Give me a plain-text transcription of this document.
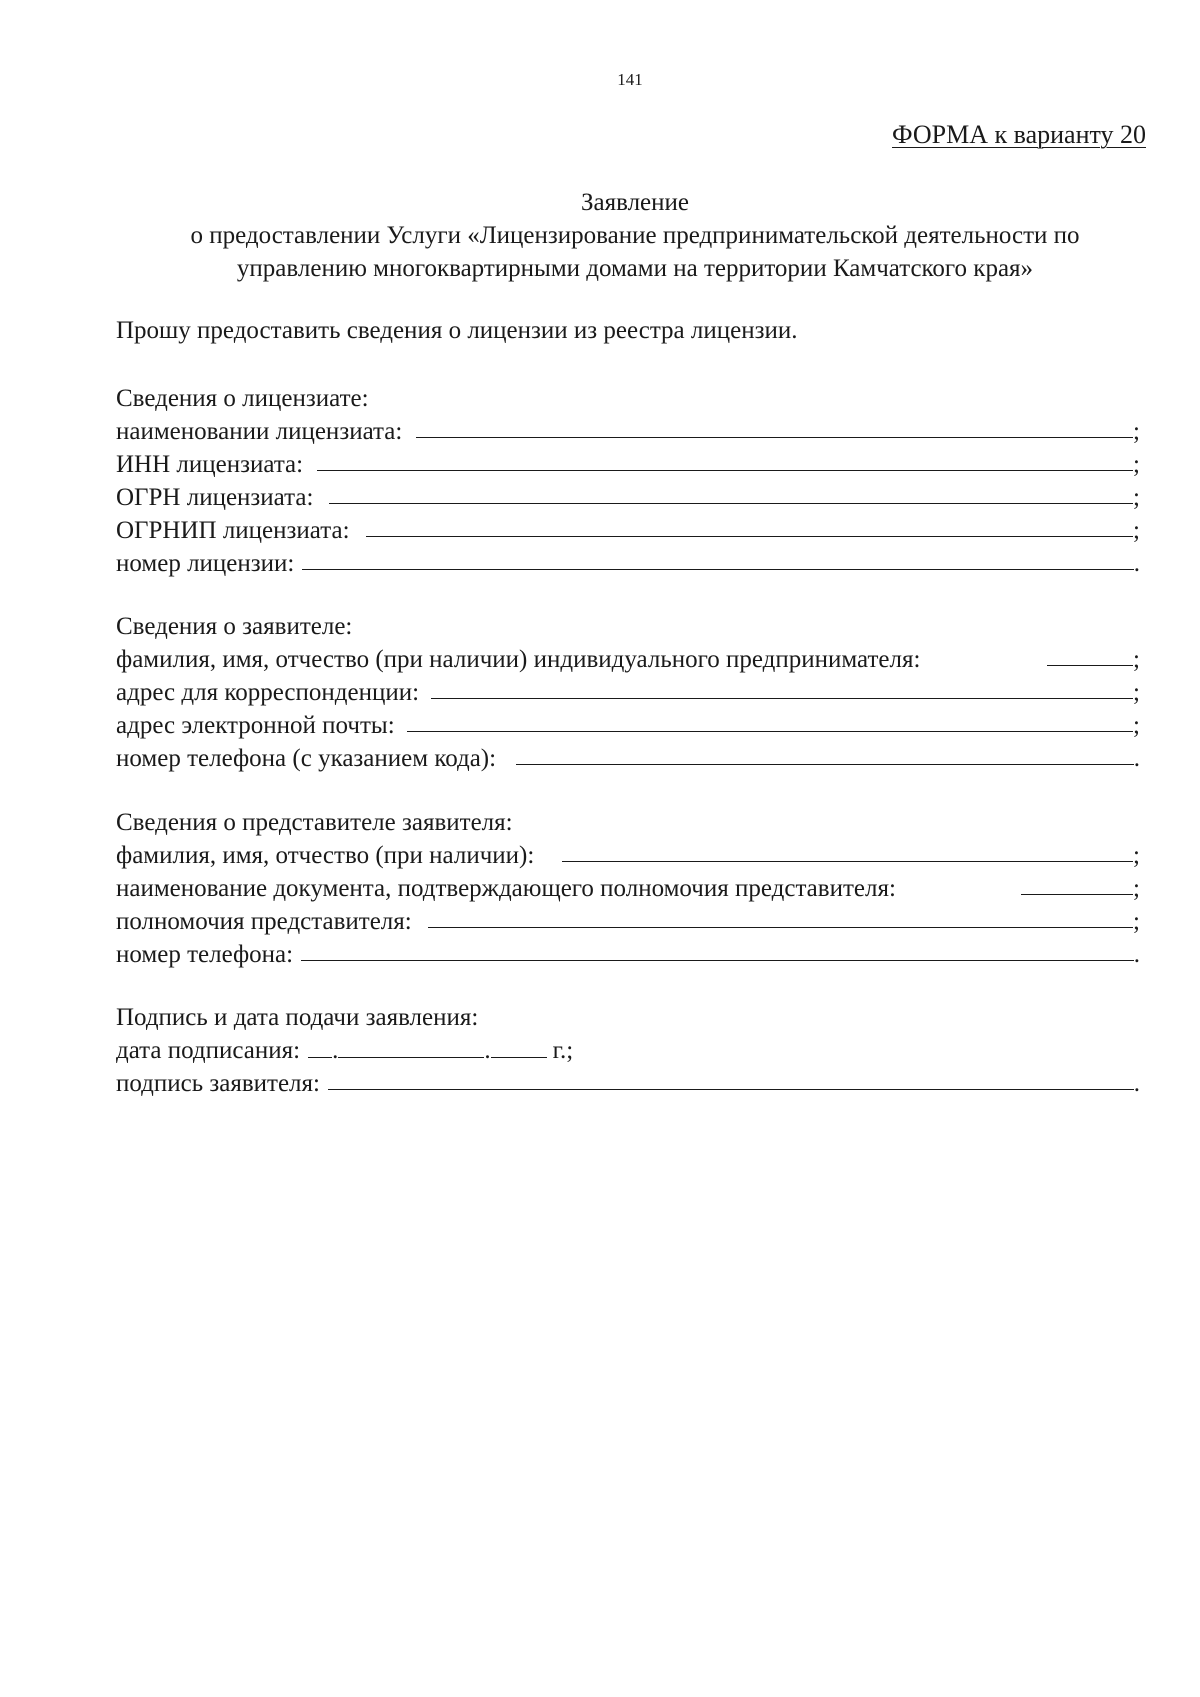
141
ФОРМА к варианту 20
Заявление
о предоставлении Услуги «Лицензирование предпринимательской деятельности по
управлению многоквартирными домами на территории Камчатского края»
Прошу предоставить сведения о лицензии из реестра лицензии.
Сведения о лицензиате:
наименовании лицензиата:	;
ИНН лицензиата:	;
ОГРН лицензиата:	;
ОГРНИП лицензиата:	;
номер лицензии:	.
Сведения о заявителе:
фамилия, имя, отчество (при наличии) индивидуального предпринимателя:	;
адрес для корреспонденции:	;
адрес электронной почты:	;
номер телефона (с указанием кода):	.
Сведения о представителе заявителя:
фамилия, имя, отчество (при наличии):	;
наименование документа, подтверждающего полномочия представителя:	;
полномочия представителя:	;
номер телефона:	.
Подпись и дата подачи заявления:
дата подписания: .	. г.;
подпись заявителя:	.
